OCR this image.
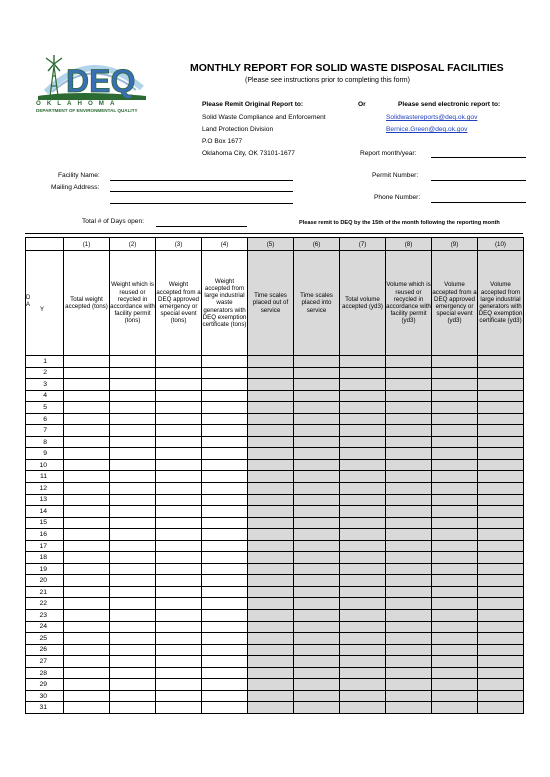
DEQ
OKLAHOMA
DEPARTMENT OF ENVIRONMENTAL QUALITY
MONTHLY REPORT FOR SOLID WASTE DISPOSAL FACILITIES
(Please see instructions prior to completing this form)
Please Remit Original Report to:	Or	Please send electronic report to:
Solid Waste Compliance and Enforcement
Land Protection Division
P.O Box 1677
Oklahoma City, OK 73101-1677
Solidwastereports@deq.ok.gov
Bernice.Green@deq.ok.gov
Report month/year:
Facility Name:
Mailing Address:
Permit Number:
Phone Number:
Total # of Days open:	Please remit to DEQ by the 15th of the month following the reporting month
	(1)	(2)	(3)	(4)	(5)	(6)	(7)	(8)	(9)	(10)

D
A
Y	Total weight accepted (tons)	Weight which is reused or recycled in accordance with facility permit (tons)	Weight accepted from a DEQ approved emergency or special event (tons)	Weight accepted from large industrial waste generators with DEQ exemption certificate (tons)	Time scales placed out of service	Time scales placed into service	Total volume accepted (yd3)	Volume which is reused or recycled in accordance with facility permit (yd3)	Volume accepted from a DEQ approved emergency or special event (yd3)	Volume accepted from large industrial generators with DEQ exemption certificate (yd3)
1										
2										
3										
4										
5										
6										
7										
8										
9										
10										
11										
12										
13										
14										
15										
16										
17										
18										
19										
20										
21										
22										
23										
24										
25										
26										
27										
28										
29										
30										
31										
